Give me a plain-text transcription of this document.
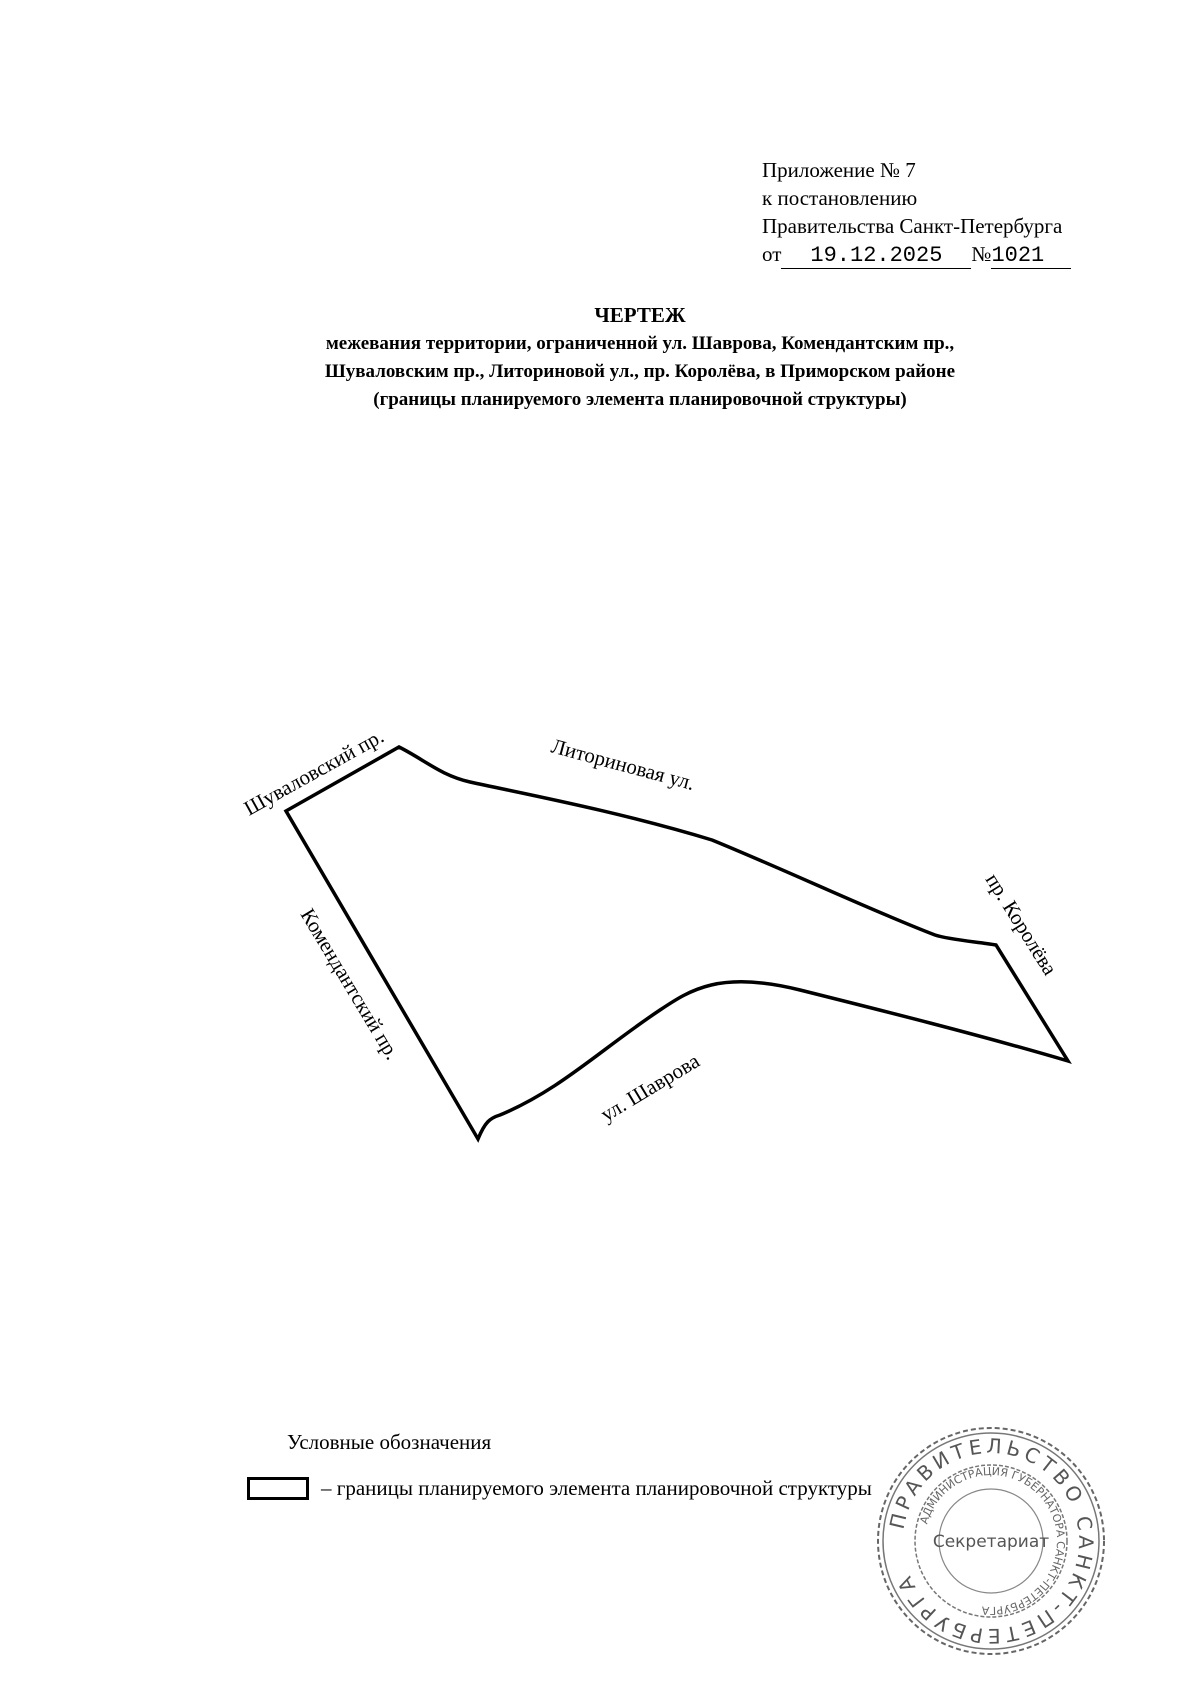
Приложение № 7
к постановлению
Правительства Санкт-Петербурга
от 19.12.2025 №1021
ЧЕРТЕЖ
межевания территории, ограниченной ул. Шаврова, Комендантским пр.,
Шуваловским пр., Литориновой ул., пр. Королёва, в Приморском районе
(границы планируемого элемента планировочной структуры)
Шуваловский пр.	Литориновая ул.
пр. Королёва
Комендантский пр.
ул. Шаврова
Условные обозначения
– границы планируемого элемента планировочной структуры
ПРАВИТЕЛЬСТВО САНКТ-ПЕТЕРБУРГА
АДМИНИСТРАЦИЯ ГУБЕРНАТОРА САНКТ-ПЕТЕРБУРГА
Секретариат
